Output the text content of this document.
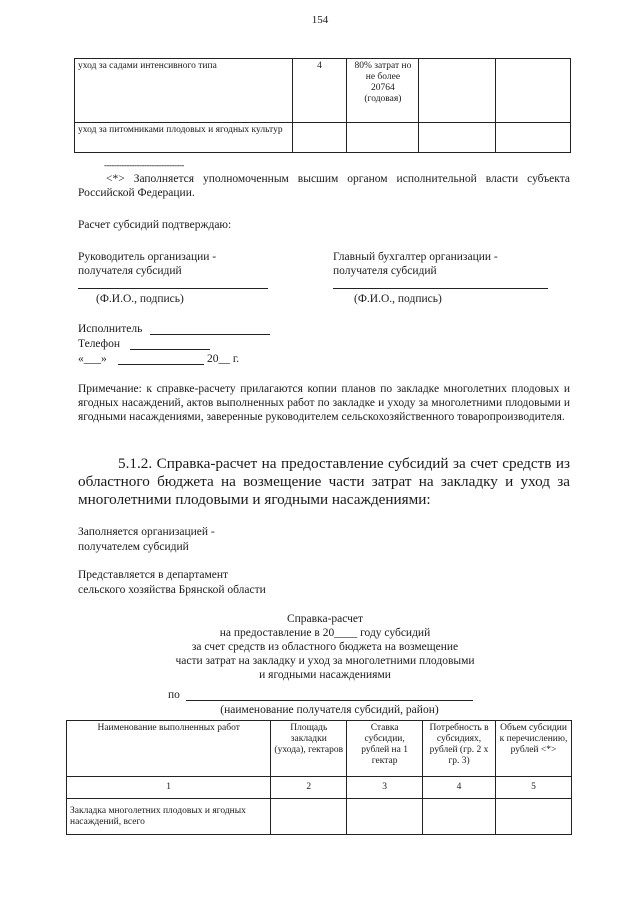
154
уход за садами интенсивного типа	4	80% затрат но
не более
20764
(годовая)		

уход за питомниками плодовых и ягодных культур				
--------------------------------
<*> Заполняется уполномоченным высшим органом исполнительной власти субъекта Российской Федерации.
Расчет субсидий подтверждаю:
Руководитель организации -
получателя субсидий
Главный бухгалтер организации -
получателя субсидий
(Ф.И.О., подпись)	(Ф.И.О., подпись)
Исполнитель
Телефон
«___»	20__ г.
Примечание: к справке-расчету прилагаются копии планов по закладке многолетних плодовых и ягодных насаждений, актов выполненных работ по закладке и уходу за многолетними плодовыми и ягодными насаждениями, заверенные руководителем сельскохозяйственного товаропроизводителя.
5.1.2. Справка-расчет на предоставление субсидий за счет средств из областного бюджета на возмещение части затрат на закладку и уход за многолетними плодовыми и ягодными насаждениями:
Заполняется организацией -
получателем субсидий
Представляется в департамент
сельского хозяйства Брянской области
Справка-расчет
на предоставление в 20____ году субсидий
за счет средств из областного бюджета на возмещение
части затрат на закладку и уход за многолетними плодовыми
и ягодными насаждениями
по
(наименование получателя субсидий, район)
Наименование выполненных работ	Площадь закладки (ухода), гектаров	Ставка субсидии, рублей на 1 гектар	Потребность в субсидиях, рублей (гр. 2 х гр. 3)	Объем субсидии к перечислению, рублей <*>
1	2	3	4	5
Закладка многолетних плодовых и ягодных насаждений, всего				
